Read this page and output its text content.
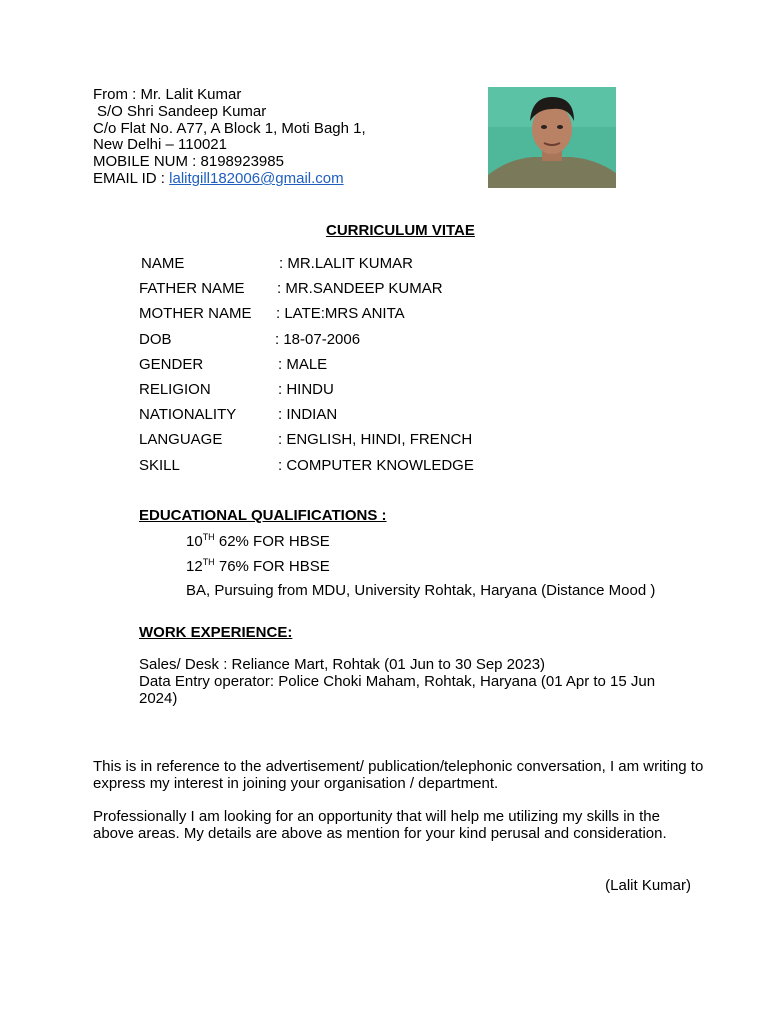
From : Mr. Lalit Kumar
S/O Shri Sandeep Kumar
C/o Flat No. A77, A Block 1, Moti Bagh 1,
New Delhi – 110021
MOBILE NUM : 8198923985
EMAIL ID : lalitgill182006@gmail.com
CURRICULUM VITAE
NAME	: MR.LALIT KUMAR
FATHER NAME : MR.SANDEEP KUMAR
MOTHER NAME : LATE:MRS ANITA
DOB	: 18-07-2006
GENDER	: MALE
RELIGION	: HINDU
NATIONALITY	: INDIAN
LANGUAGE	: ENGLISH, HINDI, FRENCH
SKILL	: COMPUTER KNOWLEDGE
EDUCATIONAL QUALIFICATIONS :
10TH 62% FOR HBSE
12TH 76% FOR HBSE
BA, Pursuing from MDU, University Rohtak, Haryana (Distance Mood )
WORK EXPERIENCE:
Sales/ Desk : Reliance Mart, Rohtak (01 Jun to 30 Sep 2023)
Data Entry operator: Police Choki Maham, Rohtak, Haryana (01 Apr to 15 Jun 2024)
This is in reference to the advertisement/ publication/telephonic conversation, I am writing to express my interest in joining your organisation / department.
Professionally I am looking for an opportunity that will help me utilizing my skills in the above areas. My details are above as mention for your kind perusal and consideration.
(Lalit Kumar)
